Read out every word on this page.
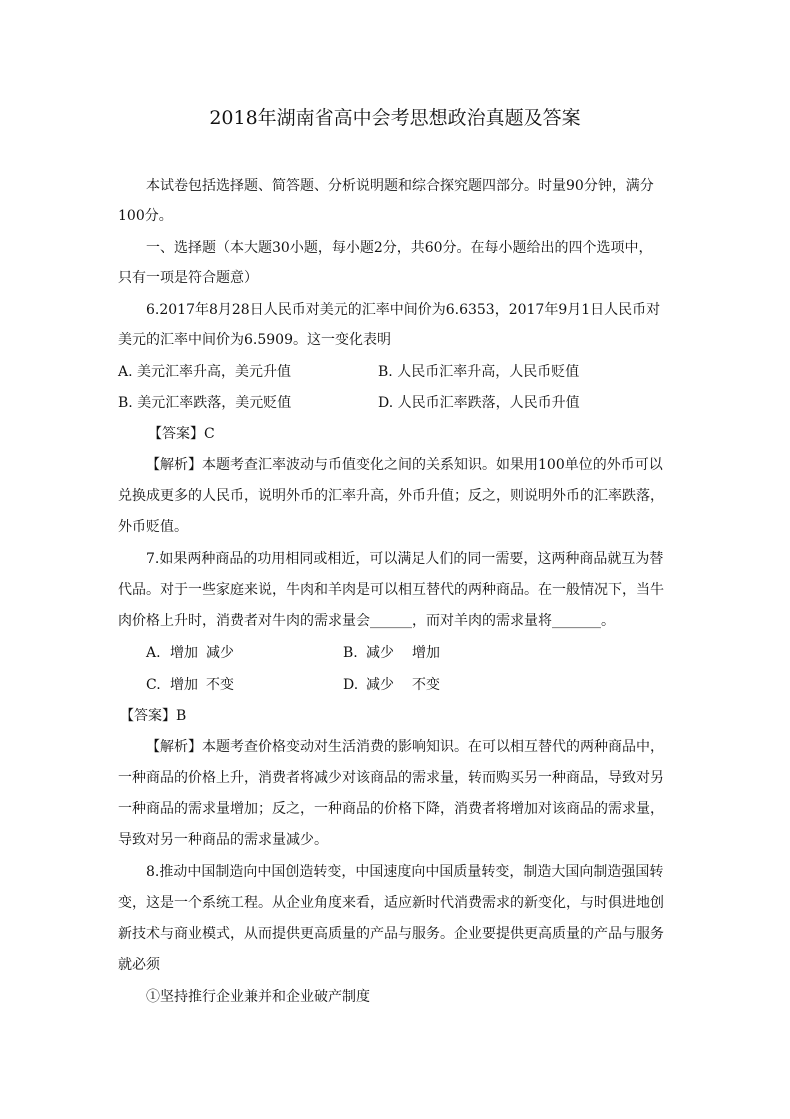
2018年湖南省高中会考思想政治真题及答案
本试卷包括选择题、简答题、分析说明题和综合探究题四部分。时量90分钟，满分
100分。
一、选择题（本大题30小题，每小题2分，共60分。在每小题给出的四个选项中，
只有一项是符合题意）
6.2017年8月28日人民币对美元的汇率中间价为6.6353，2017年9月1日人民币对
美元的汇率中间价为6.5909。这一变化表明
A. 美元汇率升高，美元升值	B. 人民币汇率升高，人民币贬值
B. 美元汇率跌落，美元贬值	D. 人民币汇率跌落，人民币升值
【答案】C
【解析】本题考查汇率波动与币值变化之间的关系知识。如果用100单位的外币可以
兑换成更多的人民币，说明外币的汇率升高，外币升值；反之，则说明外币的汇率跌落，
外币贬值。
7.如果两种商品的功用相同或相近，可以满足人们的同一需要，这两种商品就互为替
代品。对于一些家庭来说，牛肉和羊肉是可以相互替代的两种商品。在一般情况下，当牛
肉价格上升时，消费者对牛肉的需求量会______，而对羊肉的需求量将_______。
A. 增加 减少	B. 减少 增加
C. 增加 不变	D. 减少 不变
【答案】B
【解析】本题考查价格变动对生活消费的影响知识。在可以相互替代的两种商品中，
一种商品的价格上升，消费者将减少对该商品的需求量，转而购买另一种商品，导致对另
一种商品的需求量增加；反之，一种商品的价格下降，消费者将增加对该商品的需求量，
导致对另一种商品的需求量减少。
8.推动中国制造向中国创造转变，中国速度向中国质量转变，制造大国向制造强国转
变，这是一个系统工程。从企业角度来看，适应新时代消费需求的新变化，与时俱进地创
新技术与商业模式，从而提供更高质量的产品与服务。企业要提供更高质量的产品与服务
就必须
①坚持推行企业兼并和企业破产制度
